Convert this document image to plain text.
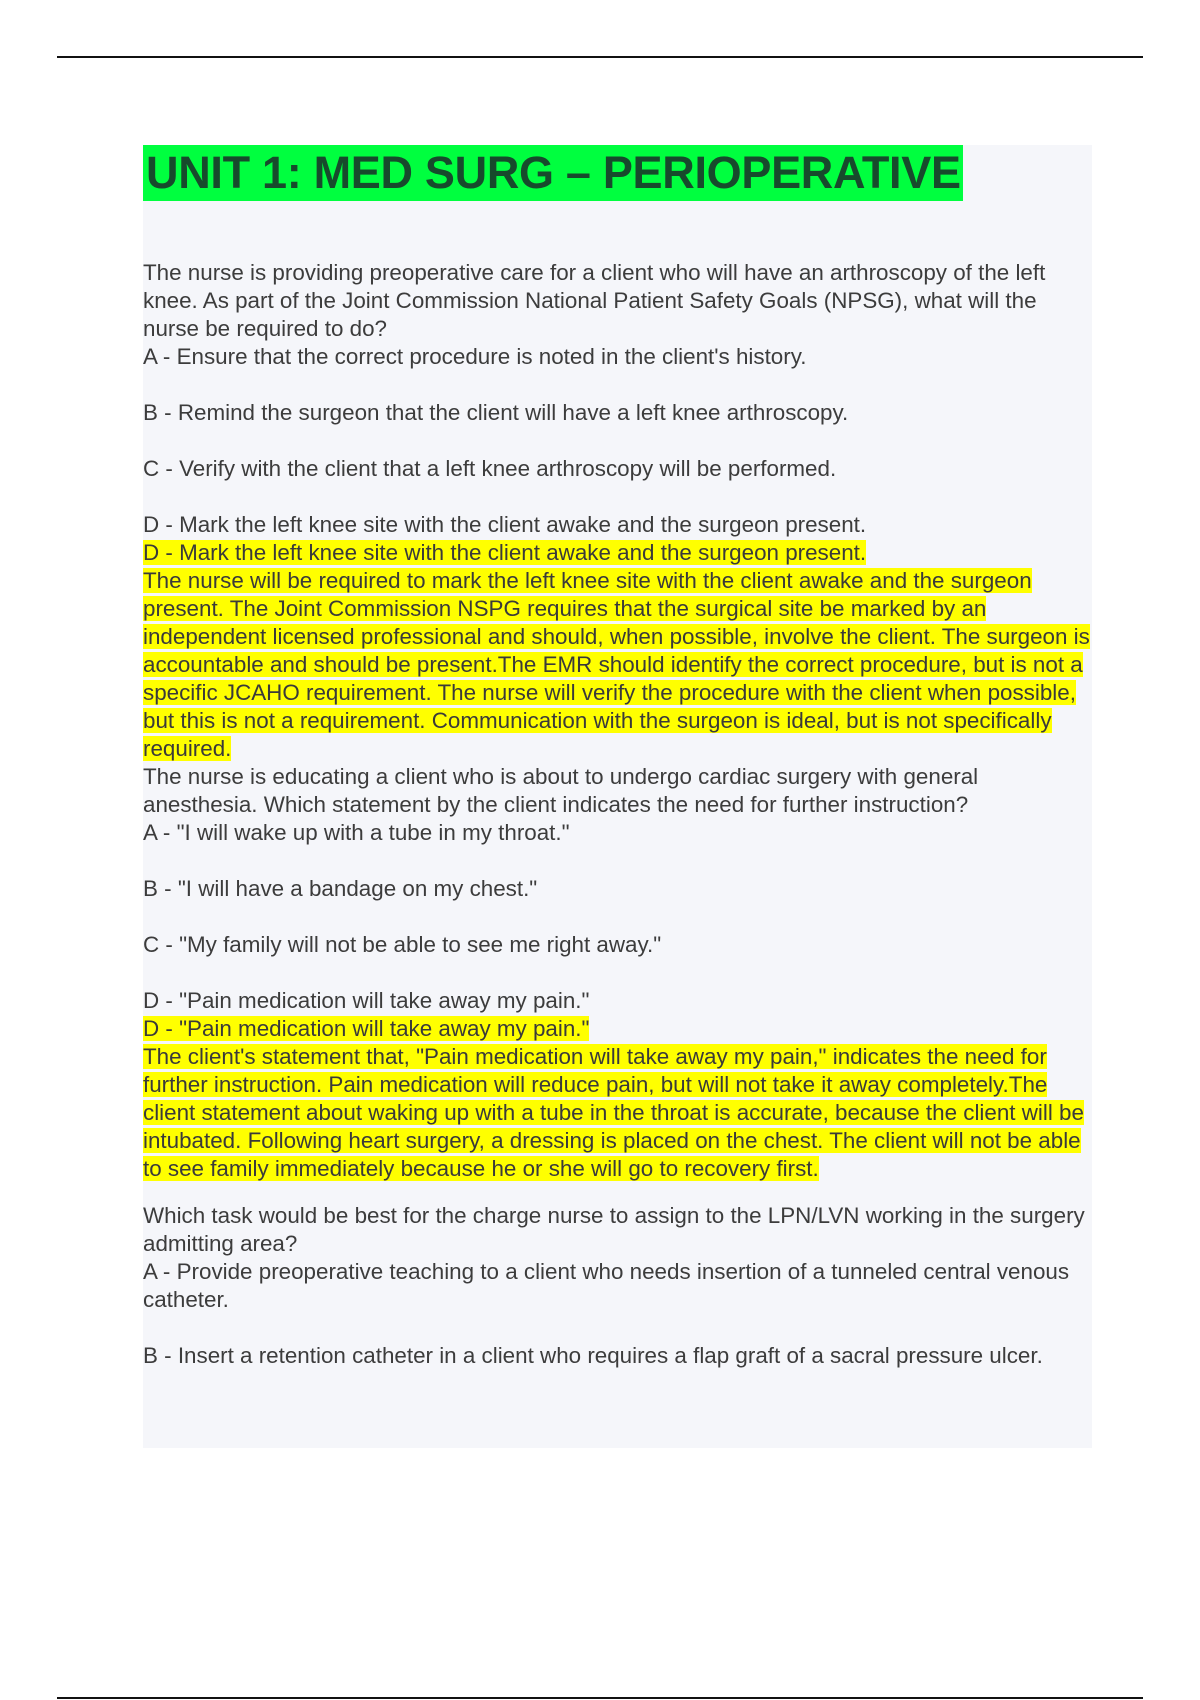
UNIT 1: MED SURG – PERIOPERATIVE

The nurse is providing preoperative care for a client who will have an arthroscopy of the left knee. As part of the Joint Commission National Patient Safety Goals (NPSG), what will the nurse be required to do?

A - Ensure that the correct procedure is noted in the client's history.

B - Remind the surgeon that the client will have a left knee arthroscopy.

C - Verify with the client that a left knee arthroscopy will be performed.

D - Mark the left knee site with the client awake and the surgeon present.

D - Mark the left knee site with the client awake and the surgeon present.

The nurse will be required to mark the left knee site with the client awake and the surgeon present. The Joint Commission NSPG requires that the surgical site be marked by an independent licensed professional and should, when possible, involve the client. The surgeon is accountable and should be present.The EMR should identify the correct procedure, but is not a specific JCAHO requirement. The nurse will verify the procedure with the client when possible, but this is not a requirement. Communication with the surgeon is ideal, but is not specifically required.

The nurse is educating a client who is about to undergo cardiac surgery with general anesthesia. Which statement by the client indicates the need for further instruction?

A - "I will wake up with a tube in my throat."

B - "I will have a bandage on my chest."

C - "My family will not be able to see me right away."

D - "Pain medication will take away my pain."

D - "Pain medication will take away my pain."

The client's statement that, "Pain medication will take away my pain," indicates the need for further instruction. Pain medication will reduce pain, but will not take it away completely.The client statement about waking up with a tube in the throat is accurate, because the client will be intubated. Following heart surgery, a dressing is placed on the chest. The client will not be able to see family immediately because he or she will go to recovery first.

Which task would be best for the charge nurse to assign to the LPN/LVN working in the surgery admitting area?

A - Provide preoperative teaching to a client who needs insertion of a tunneled central venous catheter.

B - Insert a retention catheter in a client who requires a flap graft of a sacral pressure ulcer.
